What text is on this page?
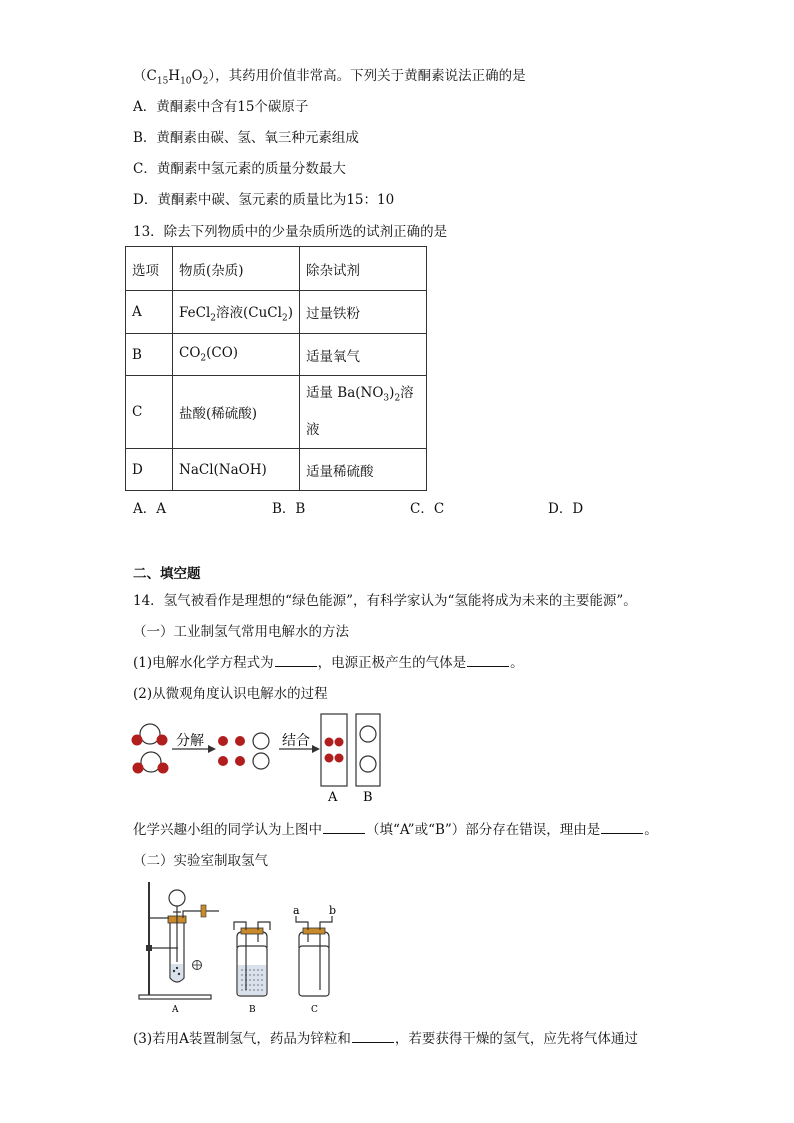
$(C_{15}H_{10}O_2)$，其药用价值非常高。下列关于黄酮素说法正确的是
A．黄酮素中含有15个碳原子
B．黄酮素由碳、氢、氧三种元素组成
C．黄酮素中氢元素的质量分数最大
D．黄酮素中碳、氢元素的质量比为15：10
13．除去下列物质中的少量杂质所选的试剂正确的是
选项	物质(杂质)	除杂试剂
A	FeCl$_2$溶液(CuCl$_2$)	过量铁粉
B	$CO_2(CO)$	适量氧气
C	盐酸(稀硫酸)	适量 $Ba(NO_3)_2$溶
液
D	NaCl(NaOH)	适量稀硫酸
A．A	B．B	C．C	D．D
二、填空题
14．氢气被看作是理想的“绿色能源”，有科学家认为“氢能将成为未来的主要能源”。
（一）工业制氢气常用电解水的方法
(1)电解水化学方程式为	，电源正极产生的气体是	。
(2)从微观角度认识电解水的过程
分解	结合
A B
化学兴趣小组的同学认为上图中	（填“A”或“B”）部分存在错误，理由是	。
（二）实验室制取氢气
A	B
a	b
C
(3)若用A装置制氢气，药品为锌粒和	，若要获得干燥的氢气，应先将气体通过
